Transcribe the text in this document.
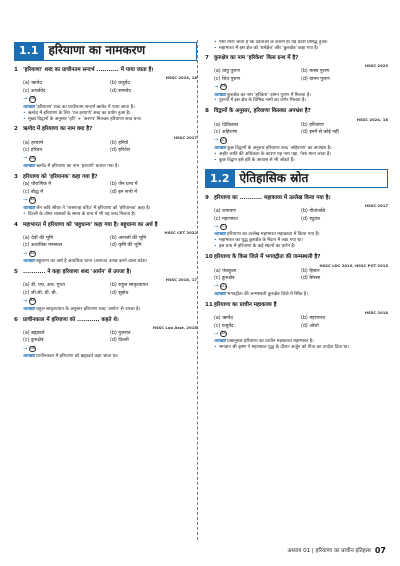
1.1 हरियाणा का नामकरण
1 'हरियाणा' शब्द का प्राचीनतम सन्दर्भ ........... में पाया जाता है।
HSSC 2024, 18
(a) ऋग्वेद	(b) यजुर्वेद
(c) अथर्ववेद	(d) सामवेद
→ (a)
व्याख्या 'हरियाणा' शब्द का प्राचीनतम सन्दर्भ ऋग्वेद में पाया जाता है।
• ऋग्वेद में हरियाणा के लिए 'रज हरयाणे' शब्द का प्रयोग हुआ है।
• मुख्य विद्वानों के अनुसार 'हरि' + 'अरण्य' मिलकर हरियाणा शब्द बना।
2 ऋग्वेद में हरियाणा का नाम क्या है?
HSSC 2017
(a) हरयाणे	(b) हरियो
(c) हरिवन	(d) हरिवेश
→ (a)
व्याख्या ऋग्वेद में हरियाणा का नाम 'हरयाणे' बताया गया है।
3 हरियाणा को 'हरियानक' कहा गया है?
(a) पौराणिक में	(b) जैन ग्रन्थ में
(c) बौद्ध में	(d) इन सभी में
→ (b)
व्याख्या जैन कवि श्रीधर ने 'पासणाह चरिउ' में हरियाणा को 'हरियानक' कहा है।
• दिल्ली के तोमर शासकों के समय के ग्रन्थ में भी यह शब्द मिलता है।
4 महाभारत में हरियाणा को 'बहुधान्य' कहा गया है। बहुधान्य का अर्थ है
HSSC CET 2022
(a) देवों की भूमि	(b) अनाजों की भूमि
(c) अत्यधिक मरुस्थल	(d) कृषि की भूमि
→ (b)
व्याख्या बहुधान्य का अर्थ है अत्यधिक धान्य (अनाज) उत्पन्न करने वाला प्रदेश।
5 ........... ने कहा हरियाणा शब्द 'आर्यन' से उपजा है।
HSSC 2018, 17
(a) डी. एच. आर. गुप्ता	(b) राहुल सांकृत्यायन
(c) जी.सी. डी. बी.	(d) सुबोध
→ (b)
व्याख्या राहुल सांकृत्यायन के अनुसार हरियाणा शब्द 'आर्यन' से उपजा है।
6 प्राचीनकाल में हरियाणा को ........... कहते थे।
HSSC Lab Asst. 2018
(a) ब्रह्मावर्त	(b) गुजरात
(c) कुरुक्षेत्र	(d) दिल्ली
→ (a)
व्याख्या प्राचीनकाल में हरियाणा को ब्रह्मावर्त कहा जाता था।
• ऐसा माना जाता है कि देवताओं के कारण ही यह प्रदेश प्रसिद्ध हुआ।
• महाभारत में इस क्षेत्र को 'धर्मक्षेत्र' और 'कुरुक्षेत्र' कहा गया है।
7 कुरुक्षेत्र का नाम 'हरिकेश' किस ग्रन्थ में है?
HSSC 2023
(a) वायु पुराण	(b) मत्स्य पुराण
(c) शिव पुराण	(d) वामन पुराण
→ (d)
व्याख्या कुरुक्षेत्र का नाम 'हरिकेश' वामन पुराण में मिलता है।
• पुराणों में इस क्षेत्र के विभिन्न नामों का वर्णन मिलता है।
8 विद्वानों के अनुसार, हरियाणा किसका अपभ्रंश है?
HSSC 2024, 18
(a) दिविलका	(b) हरियाणा
(c) अहिराणा	(d) इनमें से कोई नहीं
→ (c)
व्याख्या कुछ विद्वानों के अनुसार हरियाणा शब्द 'अहिराणा' का अपभ्रंश है।
• अहीर जाति की अधिकता के कारण यह नाम पड़ा, ऐसा माना जाता है।
• कुछ विद्वान इसे हरि के आवास से भी जोड़ते हैं।
1.2 ऐतिहासिक स्रोत
9 हरियाणा का ........... महाकाव्य में उल्लेख किया गया है।
HSSC 2017
(a) रामायण	(b) गीतांजलि
(c) महाभारत	(d) रघुवंश
→ (c)
व्याख्या हरियाणा का उल्लेख महाभारत महाकाव्य में किया गया है।
• महाभारत का युद्ध कुरुक्षेत्र के मैदान में लड़ा गया था।
• इस ग्रन्थ में हरियाणा के कई स्थानों का वर्णन है।
10 हरियाणा के किस जिले में भगवद्गीता की जन्मस्थली है?
HSSC LDC 2019, HSSC PGT 2015
(a) पंचकूला	(b) हिसार
(c) कुरुक्षेत्र	(d) सिरसा
→ (c)
व्याख्या भगवद्गीता की जन्मस्थली कुरुक्षेत्र जिले में स्थित है।
11 हरियाणा का प्राचीन महाकाव्य है
HSSC 2018
(a) ऋग्वेद	(b) महाभारत
(c) यजुर्वेद	(d) ओशो
→ (b)
व्याख्या प्रश्नानुसार हरियाणा का प्राचीन महाकाव्य महाभारत है।
• भगवान श्री कृष्ण ने महाभारत युद्ध के दौरान अर्जुन को गीता का उपदेश दिया था।
अध्याय 01 | हरियाणा का प्राचीन इतिहास 07
